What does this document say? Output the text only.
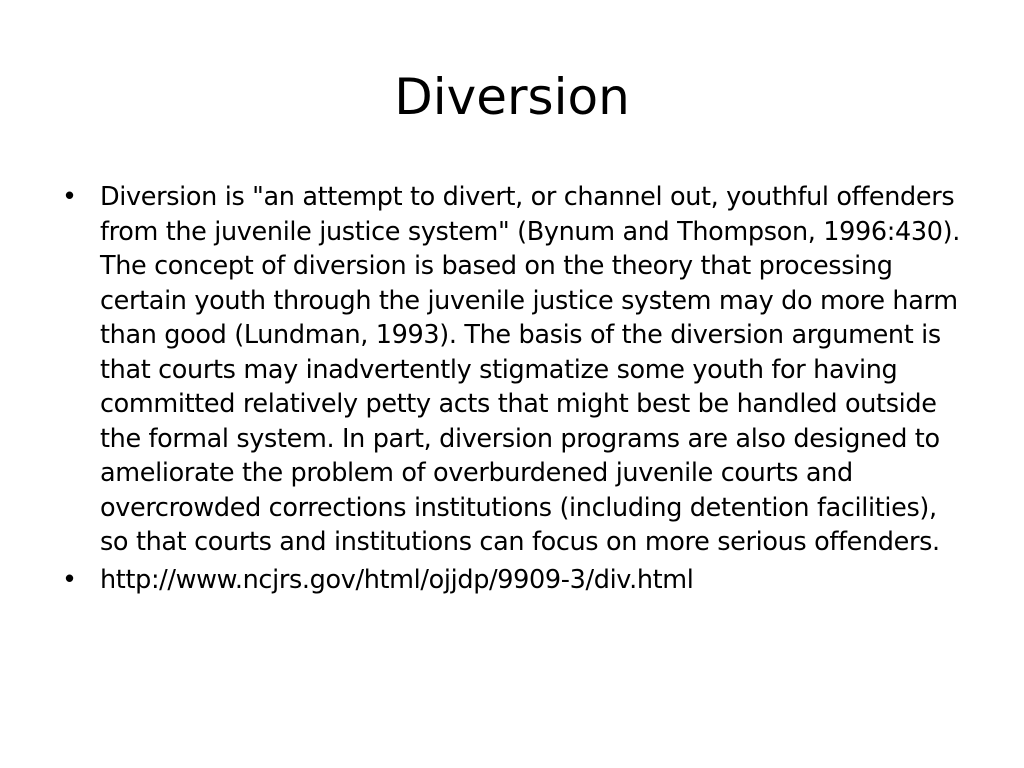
Diversion
• Diversion is "an attempt to divert, or channel out, youthful offenders from the juvenile justice system" (Bynum and Thompson, 1996:430). The concept of diversion is based on the theory that processing certain youth through the juvenile justice system may do more harm than good (Lundman, 1993). The basis of the diversion argument is that courts may inadvertently stigmatize some youth for having committed relatively petty acts that might best be handled outside the formal system. In part, diversion programs are also designed to ameliorate the problem of overburdened juvenile courts and overcrowded corrections institutions (including detention facilities), so that courts and institutions can focus on more serious offenders.
• http://www.ncjrs.gov/html/ojjdp/9909-3/div.html
